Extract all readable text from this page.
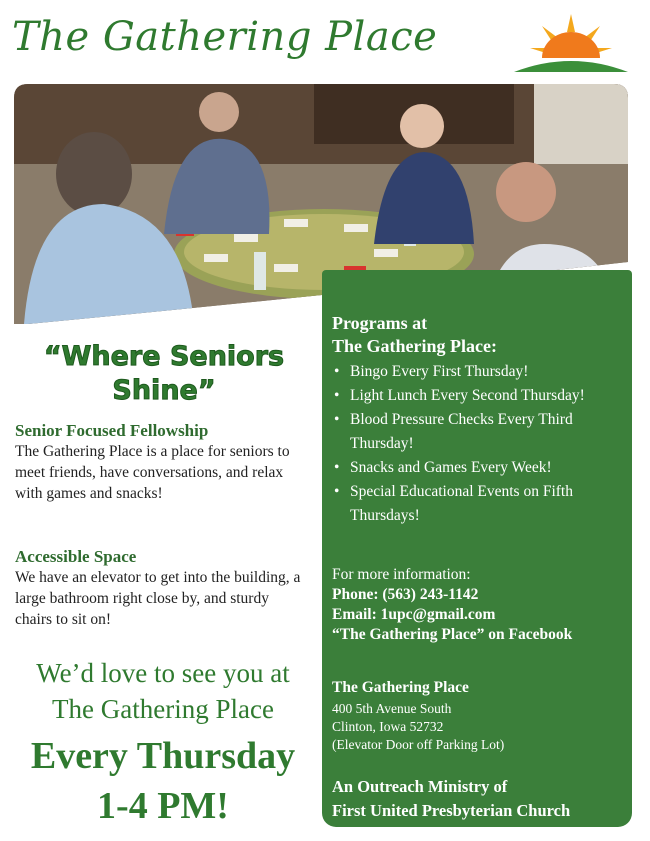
The Gathering Place
“Where Seniors
Shine”
Senior Focused Fellowship
The Gathering Place is a place for seniors to meet friends, have conversations, and relax with games and snacks!
Accessible Space
We have an elevator to get into the building, a large bathroom right close by, and sturdy chairs to sit on!
We’d love to see you at
The Gathering Place
Every Thursday
1-4 PM!
Programs at
The Gathering Place:
• Bingo Every First Thursday!
• Light Lunch Every Second Thursday!
• Blood Pressure Checks Every Third Thursday!
• Snacks and Games Every Week!
• Special Educational Events on Fifth Thursdays!
For more information:
Phone: (563) 243-1142
Email: 1upc@gmail.com
“The Gathering Place” on Facebook
The Gathering Place
400 5th Avenue South
Clinton, Iowa 52732
(Elevator Door off Parking Lot)
An Outreach Ministry of
First United Presbyterian Church
